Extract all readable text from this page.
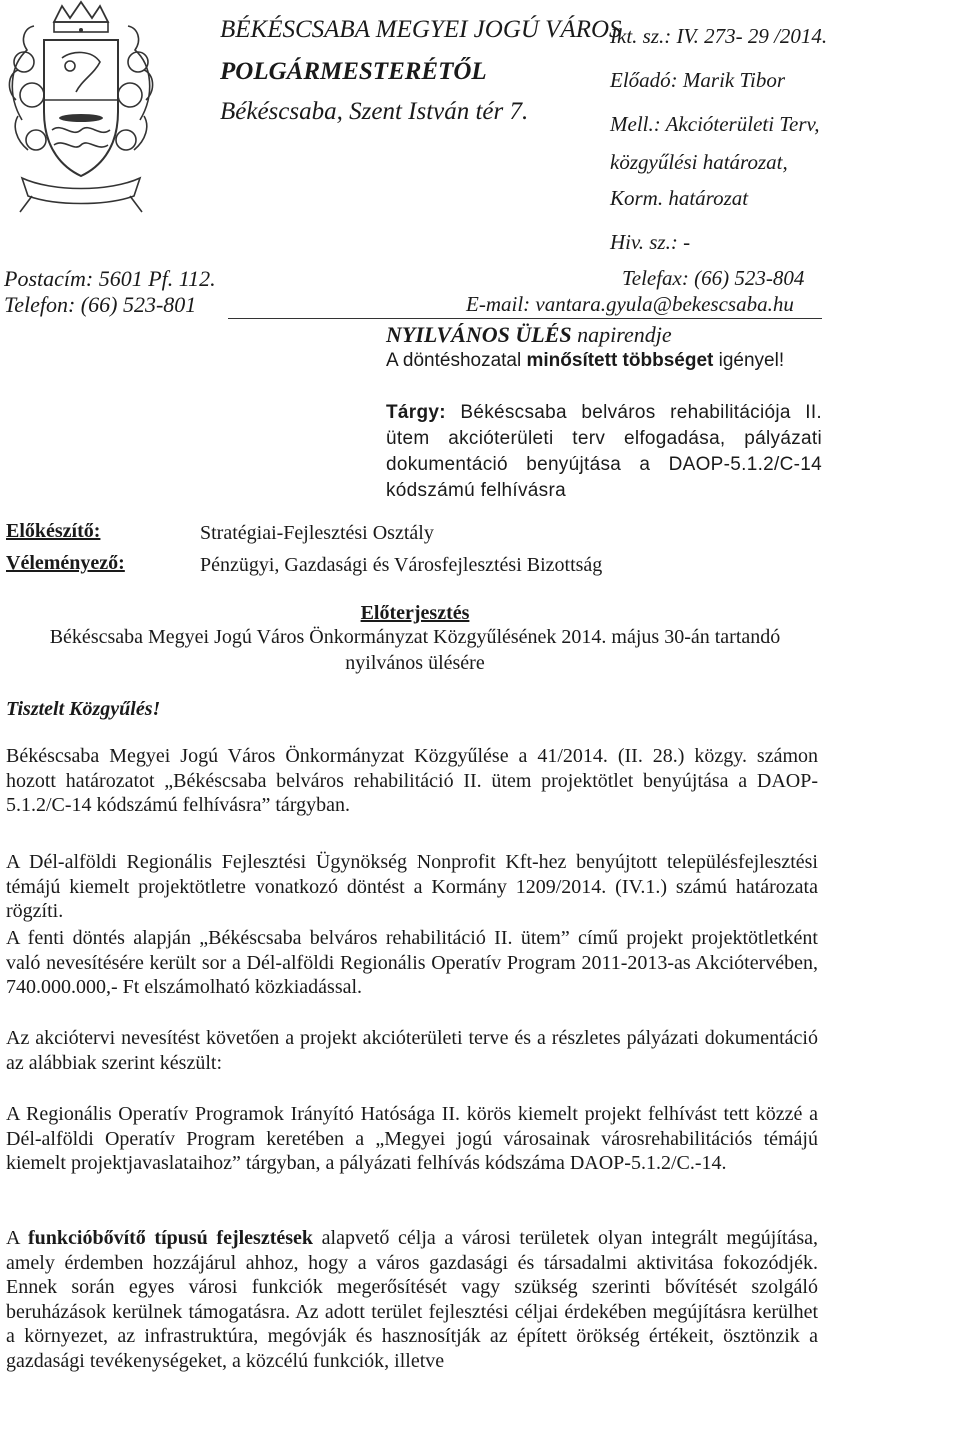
BÉKÉSCSABA MEGYEI JOGÚ VÁROS
POLGÁRMESTERÉTŐL
Békéscsaba, Szent István tér 7.
Postacím: 5601 Pf. 112.
Telefon: (66) 523-801
Ikt. sz.: IV. 273- 29 /2014.
Előadó: Marik Tibor
Mell.: Akcióterületi Terv,
közgyűlési határozat,
Korm. határozat
Hiv. sz.: -
Telefax: (66) 523-804
E-mail: vantara.gyula@bekescsaba.hu
NYILVÁNOS ÜLÉS napirendje
A döntéshozatal minősített többséget igényel!
Tárgy: Békéscsaba belváros rehabilitációja II. ütem akcióterületi terv elfogadása, pályázati dokumentáció benyújtása a DAOP-5.1.2/C-14 kódszámú felhívásra
Előkészítő:	Stratégiai-Fejlesztési Osztály
Véleményező:	Pénzügyi, Gazdasági és Városfejlesztési Bizottság
Előterjesztés
Békéscsaba Megyei Jogú Város Önkormányzat Közgyűlésének 2014. május 30-án tartandó
nyilvános ülésére
Tisztelt Közgyűlés!

Békéscsaba Megyei Jogú Város Önkormányzat Közgyűlése a 41/2014. (II. 28.) közgy. számon hozott határozatot „Békéscsaba belváros rehabilitáció II. ütem projektötlet benyújtása a DAOP-5.1.2/C-14 kódszámú felhívásra” tárgyban.

A Dél-alföldi Regionális Fejlesztési Ügynökség Nonprofit Kft-hez benyújtott településfejlesztési témájú kiemelt projektötletre vonatkozó döntést a Kormány 1209/2014. (IV.1.) számú határozata rögzíti.

A fenti döntés alapján „Békéscsaba belváros rehabilitáció II. ütem” című projekt projektötletként való nevesítésére került sor a Dél-alföldi Regionális Operatív Program 2011-2013-as Akciótervében, 740.000.000,- Ft elszámolható közkiadással.

Az akciótervi nevesítést követően a projekt akcióterületi terve és a részletes pályázati dokumentáció az alábbiak szerint készült:

A Regionális Operatív Programok Irányító Hatósága II. körös kiemelt projekt felhívást tett közzé a Dél-alföldi Operatív Program keretében a „Megyei jogú városainak városrehabilitációs témájú kiemelt projektjavaslataihoz” tárgyban, a pályázati felhívás kódszáma DAOP-5.1.2/C.-14.

A funkcióbővítő típusú fejlesztések alapvető célja a városi területek olyan integrált megújítása, amely érdemben hozzájárul ahhoz, hogy a város gazdasági és társadalmi aktivitása fokozódjék. Ennek során egyes városi funkciók megerősítését vagy szükség szerinti bővítését szolgáló beruházások kerülnek támogatásra. Az adott terület fejlesztési céljai érdekében megújításra kerülhet a környezet, az infrastruktúra, megóvják és hasznosítják az épített örökség értékeit, ösztönzik a gazdasági tevékenységeket, a közcélú funkciók, illetve
